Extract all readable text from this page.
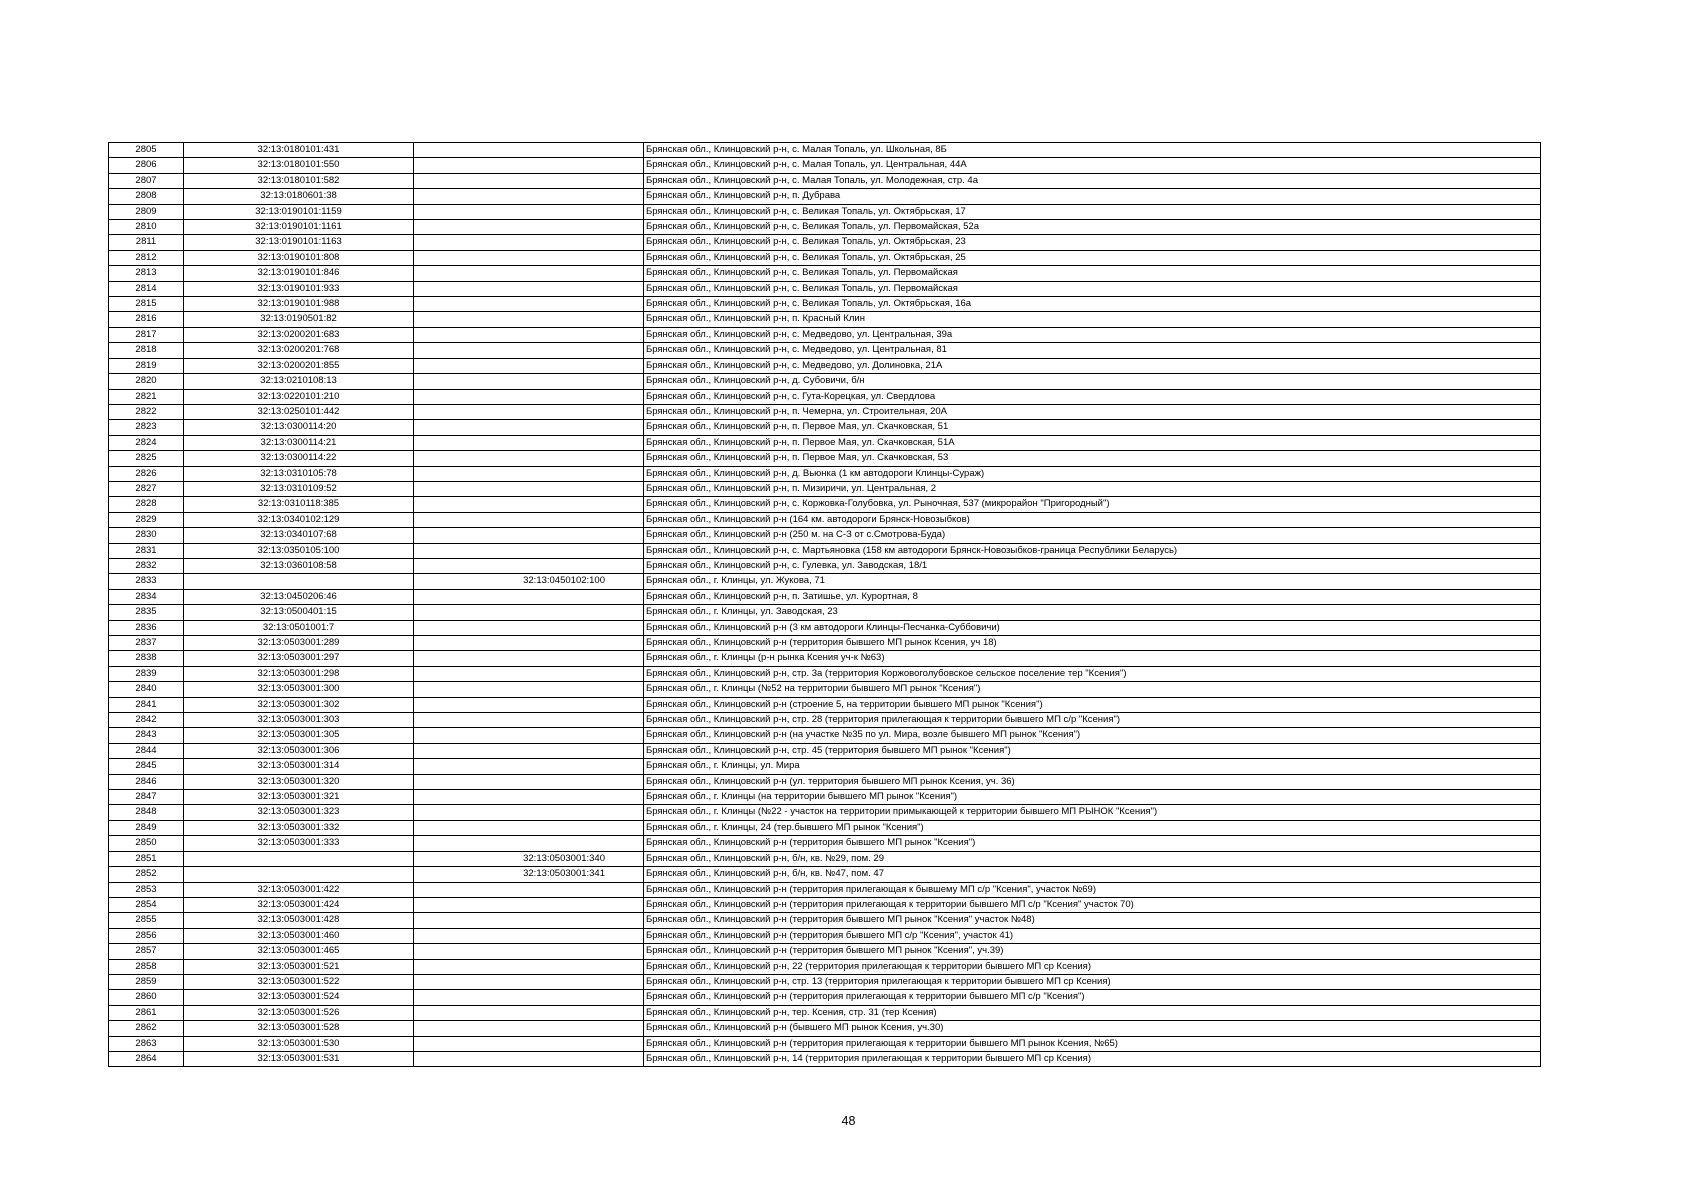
2805	32:13:0180101:431		Брянская обл., Клинцовский р-н, с. Малая Топаль, ул. Школьная, 8Б
2806	32:13:0180101:550		Брянская обл., Клинцовский р-н, с. Малая Топаль, ул. Центральная, 44А
2807	32:13:0180101:582		Брянская обл., Клинцовский р-н, с. Малая Топаль, ул. Молодежная, стр. 4а
2808	32:13:0180601:38		Брянская обл., Клинцовский р-н, п. Дубрава
2809	32:13:0190101:1159		Брянская обл., Клинцовский р-н, с. Великая Топаль, ул. Октябрьская, 17
2810	32:13:0190101:1161		Брянская обл., Клинцовский р-н, с. Великая Топаль, ул. Первомайская, 52а
2811	32:13:0190101:1163		Брянская обл., Клинцовский р-н, с. Великая Топаль, ул. Октябрьская, 23
2812	32:13:0190101:808		Брянская обл., Клинцовский р-н, с. Великая Топаль, ул. Октябрьская, 25
2813	32:13:0190101:846		Брянская обл., Клинцовский р-н, с. Великая Топаль, ул. Первомайская
2814	32:13:0190101:933		Брянская обл., Клинцовский р-н, с. Великая Топаль, ул. Первомайская
2815	32:13:0190101:988		Брянская обл., Клинцовский р-н, с. Великая Топаль, ул. Октябрьская, 16а
2816	32:13:0190501:82		Брянская обл., Клинцовский р-н, п. Красный Клин
2817	32:13:0200201:683		Брянская обл., Клинцовский р-н, с. Медведово, ул. Центральная, 39а
2818	32:13:0200201:768		Брянская обл., Клинцовский р-н, с. Медведово, ул. Центральная, 81
2819	32:13:0200201:855		Брянская обл., Клинцовский р-н, с. Медведово, ул. Долиновка, 21А
2820	32:13:0210108:13		Брянская обл., Клинцовский р-н, д. Субовичи, б/н
2821	32:13:0220101:210		Брянская обл., Клинцовский р-н, с. Гута-Корецкая, ул. Свердлова
2822	32:13:0250101:442		Брянская обл., Клинцовский р-н, п. Чемерна, ул. Строительная, 20А
2823	32:13:0300114:20		Брянская обл., Клинцовский р-н, п. Первое Мая, ул. Скачковская, 51
2824	32:13:0300114:21		Брянская обл., Клинцовский р-н, п. Первое Мая, ул. Скачковская, 51А
2825	32:13:0300114:22		Брянская обл., Клинцовский р-н, п. Первое Мая, ул. Скачковская, 53
2826	32:13:0310105:78		Брянская обл., Клинцовский р-н, д. Вьюнка (1 км автодороги Клинцы-Сураж)
2827	32:13:0310109:52		Брянская обл., Клинцовский р-н, п. Мизиричи, ул. Центральная, 2
2828	32:13:0310118:385		Брянская обл., Клинцовский р-н, с. Коржовка-Голубовка, ул. Рыночная, 537 (микрорайон "Пригородный")
2829	32:13:0340102:129		Брянская обл., Клинцовский р-н (164 км. автодороги Брянск-Новозыбков)
2830	32:13:0340107:68		Брянская обл., Клинцовский р-н (250 м. на С-З от с.Смотрова-Буда)
2831	32:13:0350105:100		Брянская обл., Клинцовский р-н, с. Мартьяновка (158 км автодороги Брянск-Новозыбков-граница Республики Беларусь)
2832	32:13:0360108:58		Брянская обл., Клинцовский р-н, с. Гулевка, ул. Заводская, 18/1
2833		32:13:0450102:100	Брянская обл., г. Клинцы, ул. Жукова, 71
2834	32:13:0450206:46		Брянская обл., Клинцовский р-н, п. Затишье, ул. Курортная, 8
2835	32:13:0500401:15		Брянская обл., г. Клинцы, ул. Заводская, 23
2836	32:13:0501001:7		Брянская обл., Клинцовский р-н (3 км автодороги Клинцы-Песчанка-Суббовичи)
2837	32:13:0503001:289		Брянская обл., Клинцовский р-н (территория бывшего МП рынок Ксения, уч 18)
2838	32:13:0503001:297		Брянская обл., г. Клинцы (р-н рынка Ксения уч-к №63)
2839	32:13:0503001:298		Брянская обл., Клинцовский р-н, стр. 3а (территория Коржовоголубовское сельское поселение тер "Ксения")
2840	32:13:0503001:300		Брянская обл., г. Клинцы (№52 на территории бывшего МП рынок "Ксения")
2841	32:13:0503001:302		Брянская обл., Клинцовский р-н (строение 5, на территории бывшего МП рынок "Ксения")
2842	32:13:0503001:303		Брянская обл., Клинцовский р-н, стр. 28 (территория прилегающая к территории бывшего МП с/р "Ксения")
2843	32:13:0503001:305		Брянская обл., Клинцовский р-н (на участке №35 по ул. Мира, возле бывшего МП рынок "Ксения")
2844	32:13:0503001:306		Брянская обл., Клинцовский р-н, стр. 45 (территория бывшего МП рынок "Ксения")
2845	32:13:0503001:314		Брянская обл., г. Клинцы, ул. Мира
2846	32:13:0503001:320		Брянская обл., Клинцовский р-н (ул. территория бывшего МП рынок Ксения, уч. 36)
2847	32:13:0503001:321		Брянская обл., г. Клинцы (на территории бывшего МП рынок "Ксения")
2848	32:13:0503001:323		Брянская обл., г. Клинцы (№22 - участок на территории примыкающей к территории бывшего МП РЫНОК "Ксения")
2849	32:13:0503001:332		Брянская обл., г. Клинцы, 24 (тер.бывшего МП рынок "Ксения")
2850	32:13:0503001:333		Брянская обл., Клинцовский р-н (территория бывшего МП рынок "Ксения")
2851		32:13:0503001:340	Брянская обл., Клинцовский р-н, б/н, кв. №29, пом. 29
2852		32:13:0503001:341	Брянская обл., Клинцовский р-н, б/н, кв. №47, пом. 47
2853	32:13:0503001:422		Брянская обл., Клинцовский р-н (территория прилегающая к бывшему МП с/р "Ксения", участок №69)
2854	32:13:0503001:424		Брянская обл., Клинцовский р-н (территория прилегающая к территории бывшего МП с/р "Ксения" участок 70)
2855	32:13:0503001:428		Брянская обл., Клинцовский р-н (территория бывшего МП рынок "Ксения" участок №48)
2856	32:13:0503001:460		Брянская обл., Клинцовский р-н (территория бывшего МП с/р "Ксения", участок 41)
2857	32:13:0503001:465		Брянская обл., Клинцовский р-н (территория бывшего МП рынок "Ксения", уч.39)
2858	32:13:0503001:521		Брянская обл., Клинцовский р-н, 22 (территория прилегающая к территории бывшего МП ср Ксения)
2859	32:13:0503001:522		Брянская обл., Клинцовский р-н, стр. 13 (территория прилегающая к территории бывшего МП ср Ксения)
2860	32:13:0503001:524		Брянская обл., Клинцовский р-н (территория прилегающая к территории бывшего МП с/р "Ксения")
2861	32:13:0503001:526		Брянская обл., Клинцовский р-н, тер. Ксения, стр. 31 (тер Ксения)
2862	32:13:0503001:528		Брянская обл., Клинцовский р-н (бывшего МП рынок Ксения, уч.30)
2863	32:13:0503001:530		Брянская обл., Клинцовский р-н (территория прилегающая к территории бывшего МП рынок Ксения, №65)
2864	32:13:0503001:531		Брянская обл., Клинцовский р-н, 14 (территория прилегающая к территории бывшего МП ср Ксения)
48
